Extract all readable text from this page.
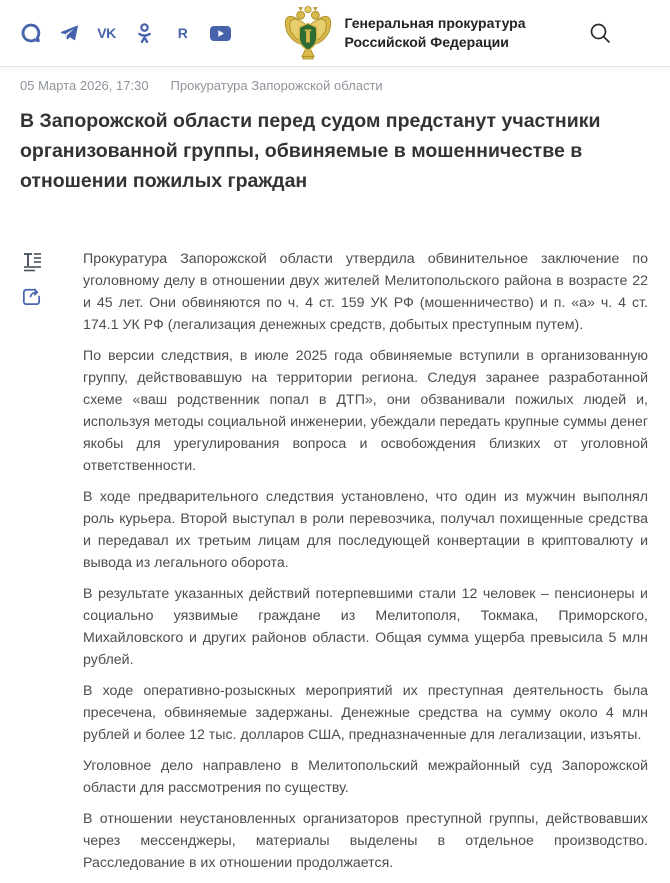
VK	R
Генеральная прокуратура
Российской Федерации
05 Марта 2026, 17:30 Прокуратура Запорожской области
В Запорожской области перед судом предстанут участники организованной группы, обвиняемые в мошенничестве в отношении пожилых граждан

Прокуратура Запорожской области утвердила обвинительное заключение по уголовному делу в отношении двух жителей Мелитопольского района в возрасте 22 и 45 лет. Они обвиняются по ч. 4 ст. 159 УК РФ (мошенничество) и п. «а» ч. 4 ст. 174.1 УК РФ (легализация денежных средств, добытых преступным путем).

По версии следствия, в июле 2025 года обвиняемые вступили в организованную группу, действовавшую на территории региона. Следуя заранее разработанной схеме «ваш родственник попал в ДТП», они обзванивали пожилых людей и, используя методы социальной инженерии, убеждали передать крупные суммы денег якобы для урегулирования вопроса и освобождения близких от уголовной ответственности.

В ходе предварительного следствия установлено, что один из мужчин выполнял роль курьера. Второй выступал в роли перевозчика, получал похищенные средства и передавал их третьим лицам для последующей конвертации в криптовалюту и вывода из легального оборота.

В результате указанных действий потерпевшими стали 12 человек – пенсионеры и социально уязвимые граждане из Мелитополя, Токмака, Приморского, Михайловского и других районов области. Общая сумма ущерба превысила 5 млн рублей.

В ходе оперативно-розыскных мероприятий их преступная деятельность была пресечена, обвиняемые задержаны. Денежные средства на сумму около 4 млн рублей и более 12 тыс. долларов США, предназначенные для легализации, изъяты.

Уголовное дело направлено в Мелитопольский межрайонный суд Запорожской области для рассмотрения по существу.

В отношении неустановленных организаторов преступной группы, действовавших через мессенджеры, материалы выделены в отдельное производство. Расследование в их отношении продолжается.
